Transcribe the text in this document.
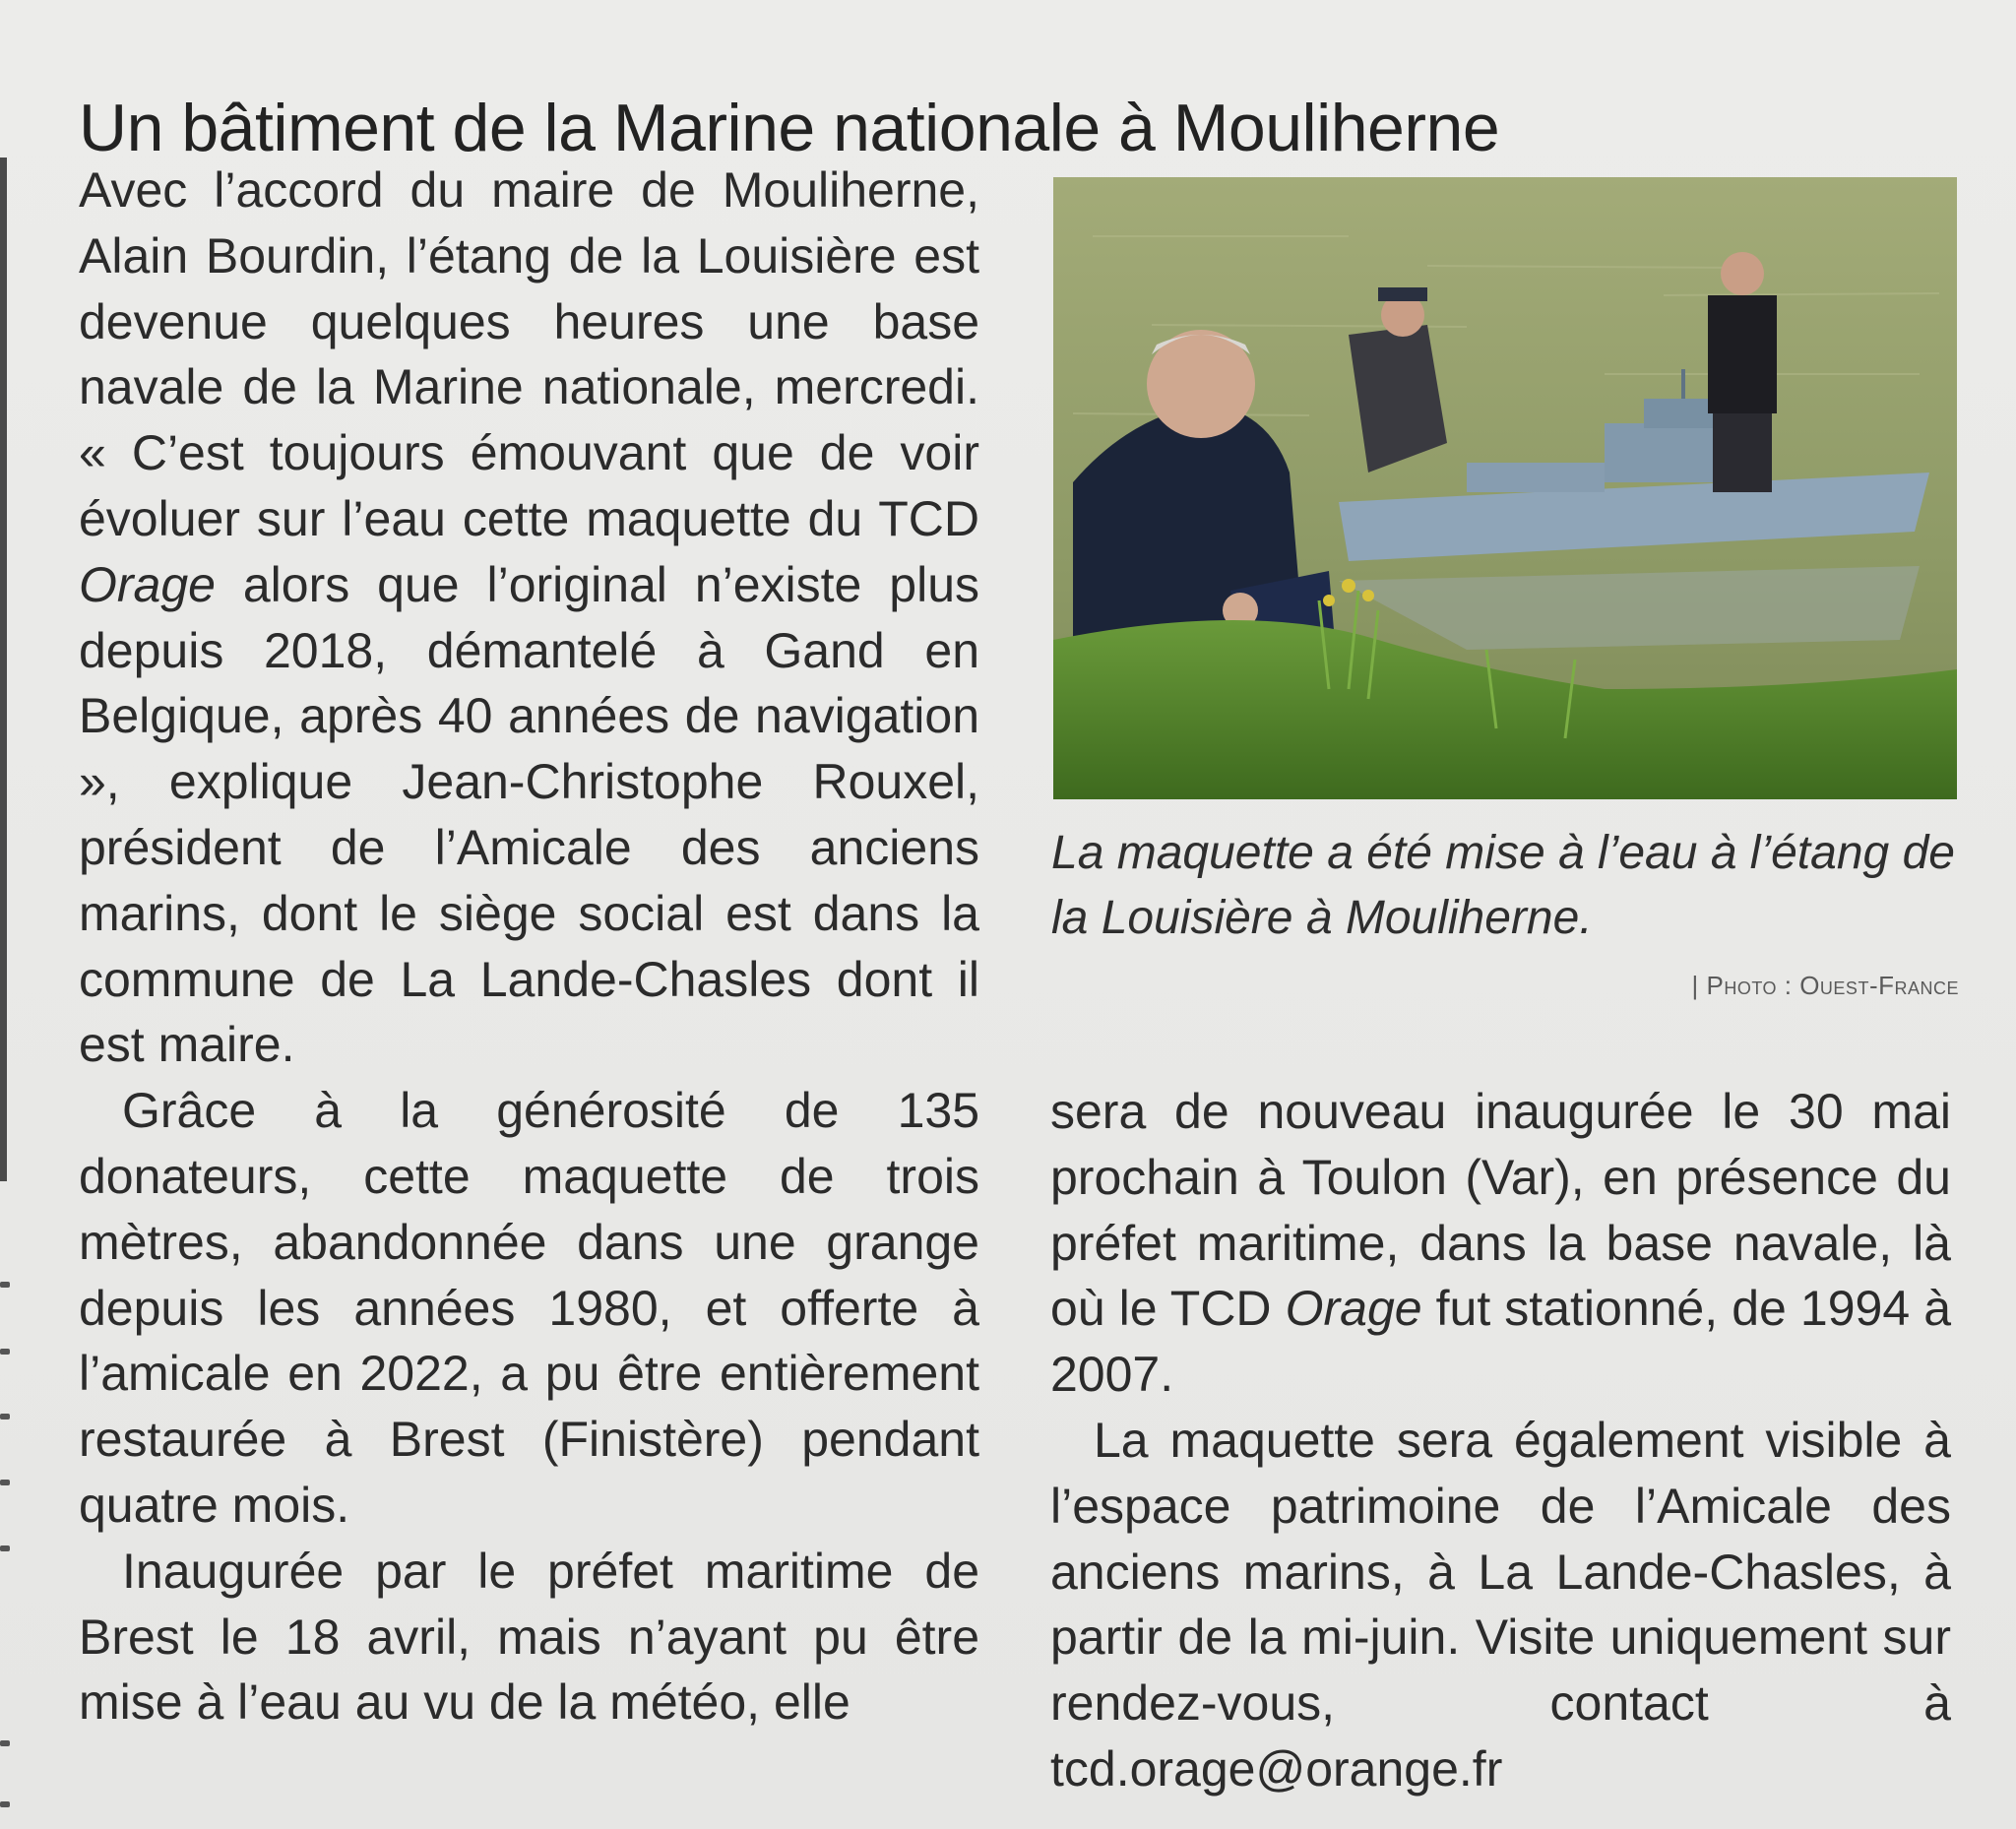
Un bâtiment de la Marine nationale à Mouliherne

Avec l’accord du maire de Mouliherne, Alain Bourdin, l’étang de la Louisière est devenue quelques heures une base navale de la Marine nationale, mercredi. « C’est toujours émouvant que de voir évoluer sur l’eau cette maquette du TCD Orage alors que l’original n’existe plus depuis 2018, démantelé à Gand en Belgique, après 40 années de navigation », explique Jean-Christophe Rouxel, président de l’Amicale des anciens marins, dont le siège social est dans la commune de La Lande-Chasles dont il est maire.

Grâce à la générosité de 135 donateurs, cette maquette de trois mètres, abandonnée dans une grange depuis les années 1980, et offerte à l’amicale en 2022, a pu être entièrement restaurée à Brest (Finistère) pendant quatre mois.

Inaugurée par le préfet maritime de Brest le 18 avril, mais n’ayant pu être mise à l’eau au vu de la météo, elle

La maquette a été mise à l’eau à l’étang de la Louisière à Mouliherne.
| Photo : Ouest-France

sera de nouveau inaugurée le 30 mai prochain à Toulon (Var), en présence du préfet maritime, dans la base navale, là où le TCD Orage fut stationné, de 1994 à 2007.

La maquette sera également visible à l’espace patrimoine de l’Amicale des anciens marins, à La Lande-Chasles, à partir de la mi-juin. Visite uniquement sur rendez-vous, contact à tcd.orage@orange.fr
